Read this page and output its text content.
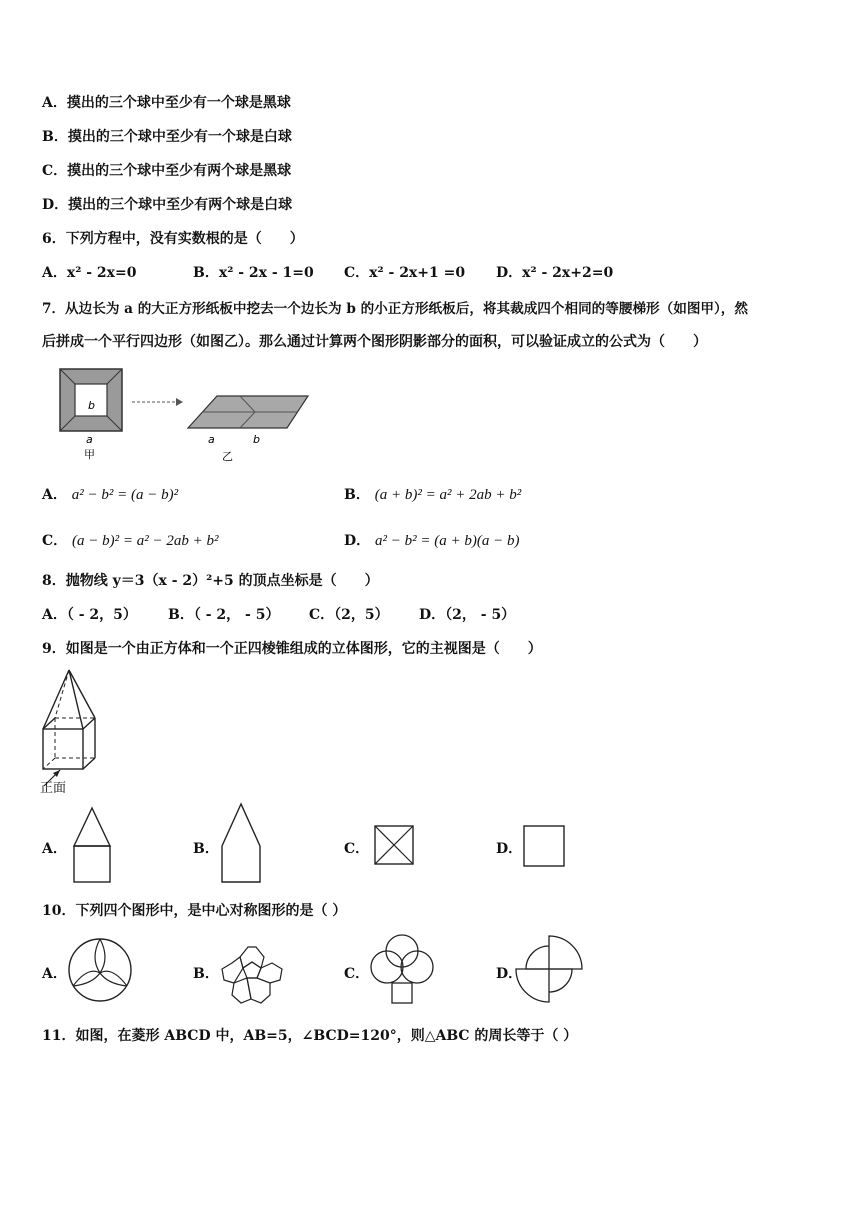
A．摸出的三个球中至少有一个球是黑球
B．摸出的三个球中至少有一个球是白球
C．摸出的三个球中至少有两个球是黑球
D．摸出的三个球中至少有两个球是白球
6．下列方程中，没有实数根的是（　　）
A．x² - 2x=0	B．x² - 2x - 1=0 C．x² - 2x+1 =0 D．x² - 2x+2=0
7．从边长为 a 的大正方形纸板中挖去一个边长为 b 的小正方形纸板后，将其裁成四个相同的等腰梯形（如图甲），然
后拼成一个平行四边形（如图乙）。那么通过计算两个图形阴影部分的面积，可以验证成立的公式为（　　）
b
a
甲
a	b
乙
A． a² − b² = (a − b)²	B． (a + b)² = a² + 2ab + b²
C． (a − b)² = a² − 2ab + b²	D． a² − b² = (a + b)(a − b)
8．抛物线 y＝3（x - 2）²+5 的顶点坐标是（　　）
A．（ - 2，5） B．（ - 2， - 5） C．（2，5） D．（2， - 5）
9．如图是一个由正方体和一个正四棱锥组成的立体图形，它的主视图是（　　）
正面
A．	B．	C．	D．
10．下列四个图形中，是中心对称图形的是（ ）
A．	B．	C．	D．
11．如图，在菱形 ABCD 中，AB=5，∠BCD=120°，则△ABC 的周长等于（ ）
